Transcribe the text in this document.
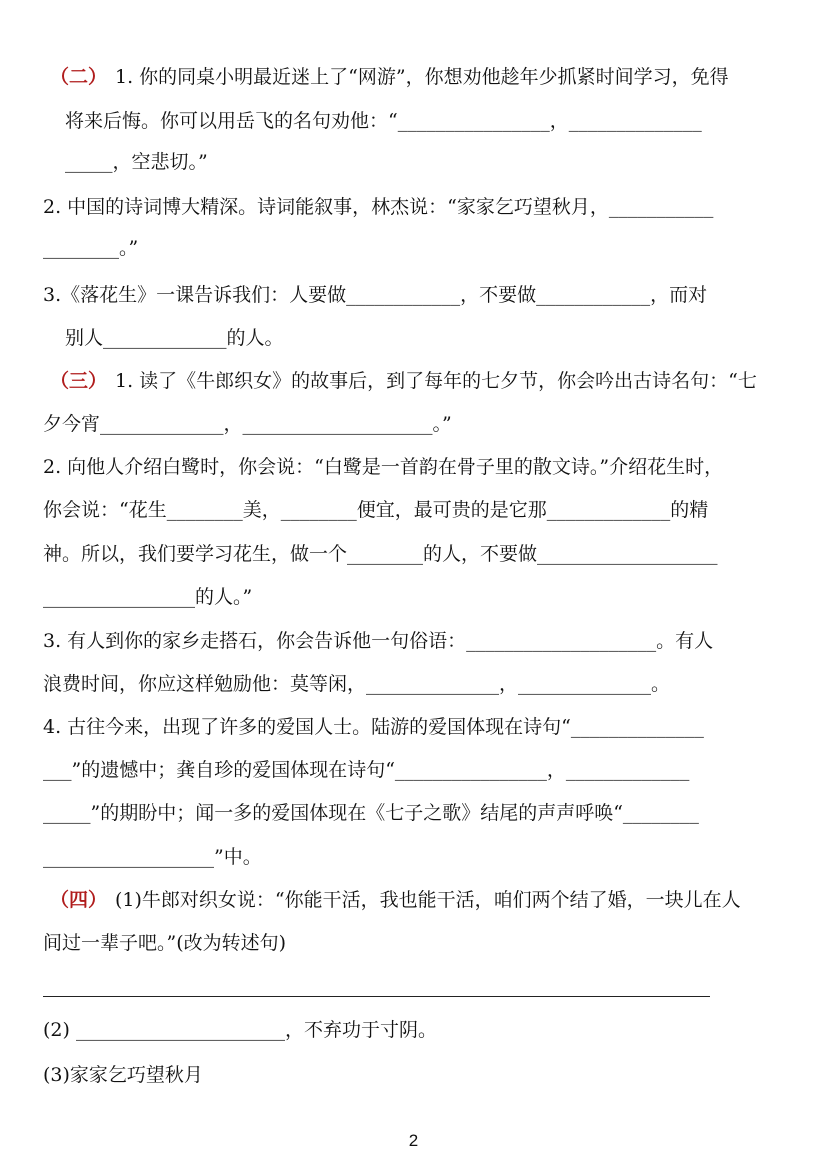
（二） 1. 你的同桌小明最近迷上了“网游”，你想劝他趁年少抓紧时间学习，免得
将来后悔。你可以用岳飞的名句劝他：“________________，______________
_____，空悲切。”
2. 中国的诗词博大精深。诗词能叙事，林杰说：“家家乞巧望秋月，___________
________。”
3.《落花生》一课告诉我们：人要做____________，不要做____________，而对
别人_____________的人。
（三） 1. 读了《牛郎织女》的故事后，到了每年的七夕节，你会吟出古诗名句：“七
夕今宵_____________，____________________。”
2. 向他人介绍白鹭时，你会说：“白鹭是一首韵在骨子里的散文诗。”介绍花生时，
你会说：“花生________美，________便宜，最可贵的是它那_____________的精
神。所以，我们要学习花生，做一个________的人，不要做___________________
________________的人。”
3. 有人到你的家乡走搭石，你会告诉他一句俗语：____________________。有人
浪费时间，你应这样勉励他：莫等闲，______________，______________。
4. 古往今来，出现了许多的爱国人士。陆游的爱国体现在诗句“______________
___”的遗憾中；龚自珍的爱国体现在诗句“________________，_____________
_____”的期盼中；闻一多的爱国体现在《七子之歌》结尾的声声呼唤“________
__________________”中。
（四） (1)牛郎对织女说：“你能干活，我也能干活，咱们两个结了婚，一块儿在人
间过一辈子吧。”(改为转述句)
(2) ______________________，不弃功于寸阴。
(3)家家乞巧望秋月
2
